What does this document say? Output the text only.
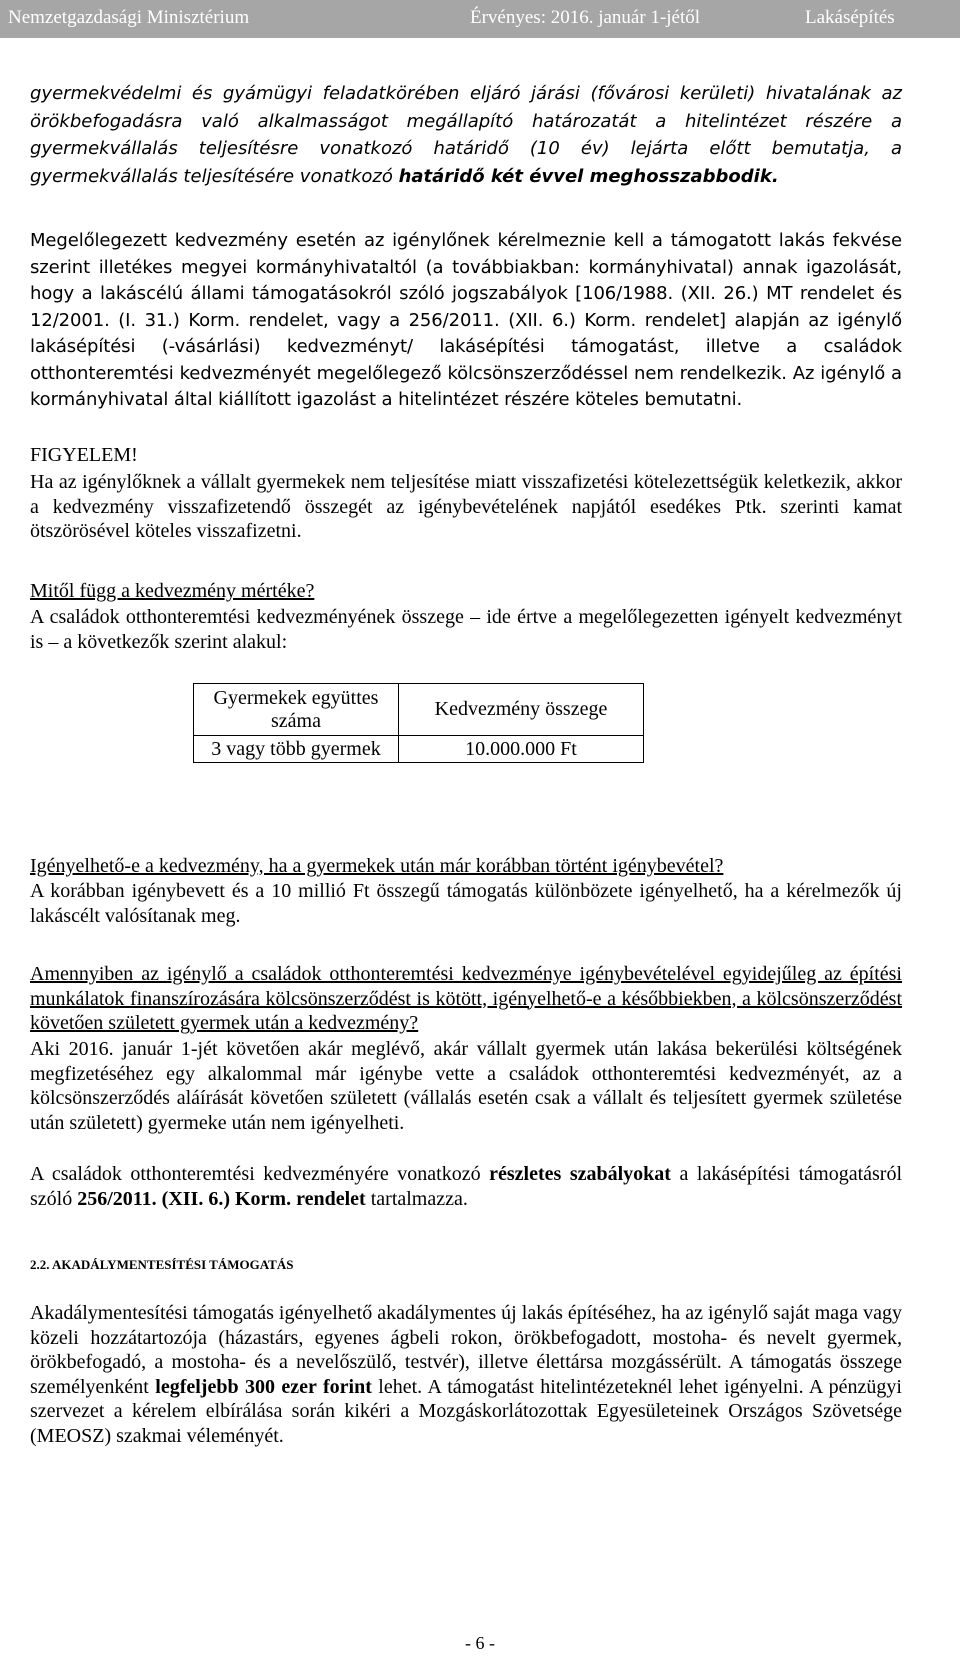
Nemzetgazdasági Minisztérium	Érvényes: 2016. január 1-jétől	Lakásépítés

gyermekvédelmi és gyámügyi feladatkörében eljáró járási (fővárosi kerületi) hivatalának az örökbefogadásra való alkalmasságot megállapító határozatát a hitelintézet részére a gyermekvállalás teljesítésre vonatkozó határidő (10 év) lejárta előtt bemutatja, a gyermekvállalás teljesítésére vonatkozó határidő két évvel meghosszabbodik.

Megelőlegezett kedvezmény esetén az igénylőnek kérelmeznie kell a támogatott lakás fekvése szerint illetékes megyei kormányhivataltól (a továbbiakban: kormányhivatal) annak igazolását, hogy a lakáscélú állami támogatásokról szóló jogszabályok [106/1988. (XII. 26.) MT rendelet és 12/2001. (I. 31.) Korm. rendelet, vagy a 256/2011. (XII. 6.) Korm. rendelet] alapján az igénylő lakásépítési (-vásárlási) kedvezményt/ lakásépítési támogatást, illetve a családok otthonteremtési kedvezményét megelőlegező kölcsönszerződéssel nem rendelkezik. Az igénylő a kormányhivatal által kiállított igazolást a hitelintézet részére köteles bemutatni.

FIGYELEM!

Ha az igénylőknek a vállalt gyermekek nem teljesítése miatt visszafizetési kötelezettségük keletkezik, akkor a kedvezmény visszafizetendő összegét az igénybevételének napjától esedékes Ptk. szerinti kamat ötszörösével köteles visszafizetni.

Mitől függ a kedvezmény mértéke?

A családok otthonteremtési kedvezményének összege – ide értve a megelőlegezetten igényelt kedvezményt is – a következők szerint alakul:

Gyermekek együttes száma	Kedvezmény összege
3 vagy több gyermek	10.000.000 Ft

Igényelhető-e a kedvezmény, ha a gyermekek után már korábban történt igénybevétel?

A korábban igénybevett és a 10 millió Ft összegű támogatás különbözete igényelhető, ha a kérelmezők új lakáscélt valósítanak meg.

Amennyiben az igénylő a családok otthonteremtési kedvezménye igénybevételével egyidejűleg az építési munkálatok finanszírozására kölcsönszerződést is kötött, igényelhető-e a későbbiekben, a kölcsönszerződést követően született gyermek után a kedvezmény?

Aki 2016. január 1-jét követően akár meglévő, akár vállalt gyermek után lakása bekerülési költségének megfizetéséhez egy alkalommal már igénybe vette a családok otthonteremtési kedvezményét, az a kölcsönszerződés aláírását követően született (vállalás esetén csak a vállalt és teljesített gyermek születése után született) gyermeke után nem igényelheti.

A családok otthonteremtési kedvezményére vonatkozó részletes szabályokat a lakásépítési támogatásról szóló 256/2011. (XII. 6.) Korm. rendelet tartalmazza.

2.2. AKADÁLYMENTESÍTÉSI TÁMOGATÁS

Akadálymentesítési támogatás igényelhető akadálymentes új lakás építéséhez, ha az igénylő saját maga vagy közeli hozzátartozója (házastárs, egyenes ágbeli rokon, örökbefogadott, mostoha- és nevelt gyermek, örökbefogadó, a mostoha- és a nevelőszülő, testvér), illetve élettársa mozgássérült. A támogatás összege személyenként legfeljebb 300 ezer forint lehet. A támogatást hitelintézeteknél lehet igényelni. A pénzügyi szervezet a kérelem elbírálása során kikéri a Mozgáskorlátozottak Egyesületeinek Országos Szövetsége (MEOSZ) szakmai véleményét.

- 6 -
